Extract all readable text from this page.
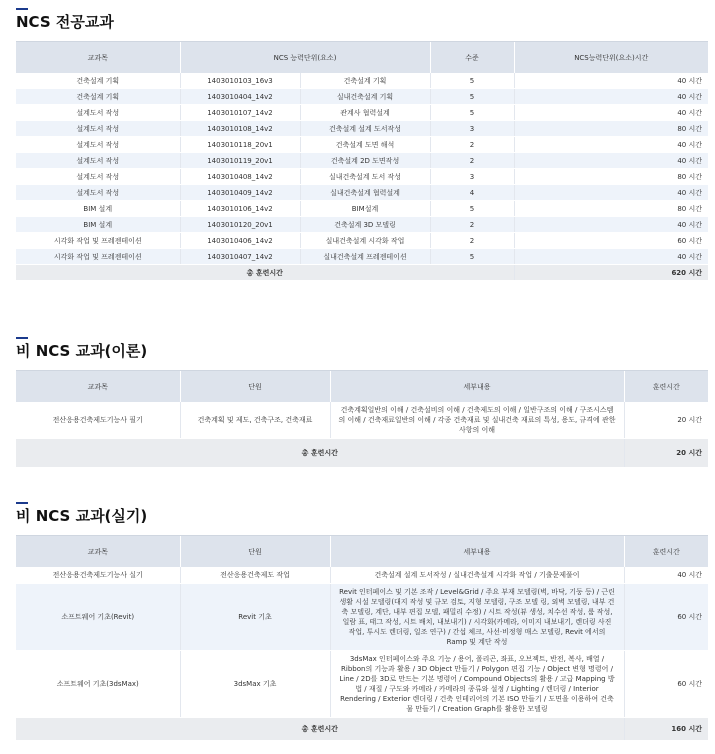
NCS 전공교과
교과목	NCS 능력단위(요소)		수준	NCS능력단위(요소)시간
건축설계 기획	1403010103_16v3	건축설계 기획	5	40 시간
건축설계 기획	1403010404_14v2	실내건축설계 기획	5	40 시간
설계도서 작성	1403010107_14v2	관계사 협력설계	5	40 시간
설계도서 작성	1403010108_14v2	건축설계 설계 도서작성	3	80 시간
설계도서 작성	1403010118_20v1	건축설계 도면 해석	2	40 시간
설계도서 작성	1403010119_20v1	건축설계 2D 도면작성	2	40 시간
설계도서 작성	1403010408_14v2	실내건축설계 도서 작성	3	80 시간
설계도서 작성	1403010409_14v2	실내건축설계 협력설계	4	40 시간
BIM 설계	1403010106_14v2	BIM설계	5	80 시간
BIM 설계	1403010120_20v1	건축설계 3D 모델링	2	40 시간
시각화 작업 및 프레젠테이션	1403010406_14v2	실내건축설계 시각화 작업	2	60 시간
시각화 작업 및 프레젠테이션	1403010407_14v2	실내건축설계 프레젠테이션	5	40 시간
총 훈련시간				620 시간
비 NCS 교과(이론)
교과목	단원	세부내용	훈련시간
전산응용건축제도기능사 필기	건축계획 및 제도, 건축구조, 건축재료	건축계획일반의 이해 / 건축설비의 이해 / 건축제도의 이해 / 일반구조의 이해 / 구조시스템의 이해 / 건축재료일반의 이해 / 각종 건축재료 및 실내건축 재료의 특성, 용도, 규격에 관한 사항의 이해	20 시간
총 훈련시간			20 시간
비 NCS 교과(실기)
교과목	단원	세부내용	훈련시간
전산응용건축제도기능사 실기	전산응용건축제도 작업	건축설계 설계 도서작성 / 실내건축설계 시각화 작업 / 기출문제풀이	40 시간
소프트웨어 기초(Revit)	Revit 기초	Revit 인터페이스 및 기본 조작 / Level&Grid / 주요 부재 모델링(벽, 바닥, 기둥 등) / 근린생활 시설 모델링(대지 작성 및 규모 검토, 지형 모델링, 구조 모델 링, 외벽 모델링, 내부 건축 모델링, 계단, 내부 편집 모델, 패밀리 수정) / 시트 작성(뷰 생성, 치수선 작성, 룸 작성, 일람 표, 태그 작성, 시트 배치, 내보내기) / 시각화(카메라, 이미지 내보내기, 렌더링 사진 작업, 투시도 렌더링, 일조 연구) / 간섭 체크, 사선·비정형 매스 모델링, Revit 에서의 Ramp 및 계단 작성	60 시간
소프트웨어 기초(3dsMax)	3dsMax 기초	3dsMax 인터페이스와 주요 기능 / 용어, 폴리곤, 좌표, 오브젝트, 반전, 복사, 배열 / Ribbon의 기능과 활용 / 3D Object 만들기 / Polygon 편집 기능 / Object 변형 명령어 / Line / 2D를 3D로 만드는 기본 명령어 / Compound Objects의 활용 / 고급 Mapping 방법 / 재질 / 구도와 카메라 / 카메라의 종류와 설정 / Lighting / 렌더링 / Interior Rendering / Exterior 렌더링 / 건축 인테리어의 기본 ISO 만들기 / 도면을 이용하여 건축물 만들기 / Creation Graph를 활용한 모델링	60 시간
총 훈련시간			160 시간
